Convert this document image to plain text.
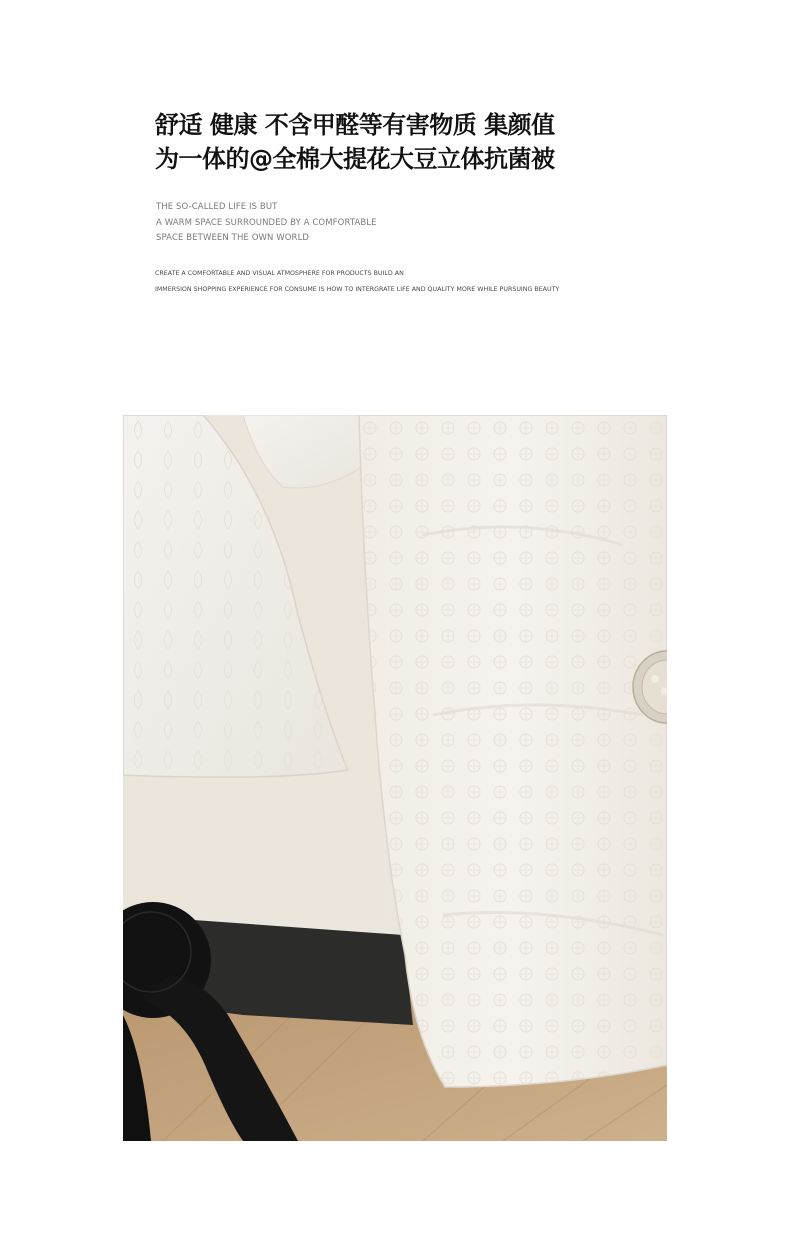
舒适 健康 不含甲醛等有害物质 集颜值
为一体的@全棉大提花大豆立体抗菌被
THE SO-CALLED LIFE IS BUT
A WARM SPACE SURROUNDED BY A COMFORTABLE
SPACE BETWEEN THE OWN WORLD
CREATE A COMFORTABLE AND VISUAL ATMOSPHERE FOR PRODUCTS BUILD AN
IMMERSION SHOPPING EXPERIENCE FOR CONSUME IS HOW TO INTERGRATE LIFE AND QUALITY MORE WHILE PURSUING BEAUTY
